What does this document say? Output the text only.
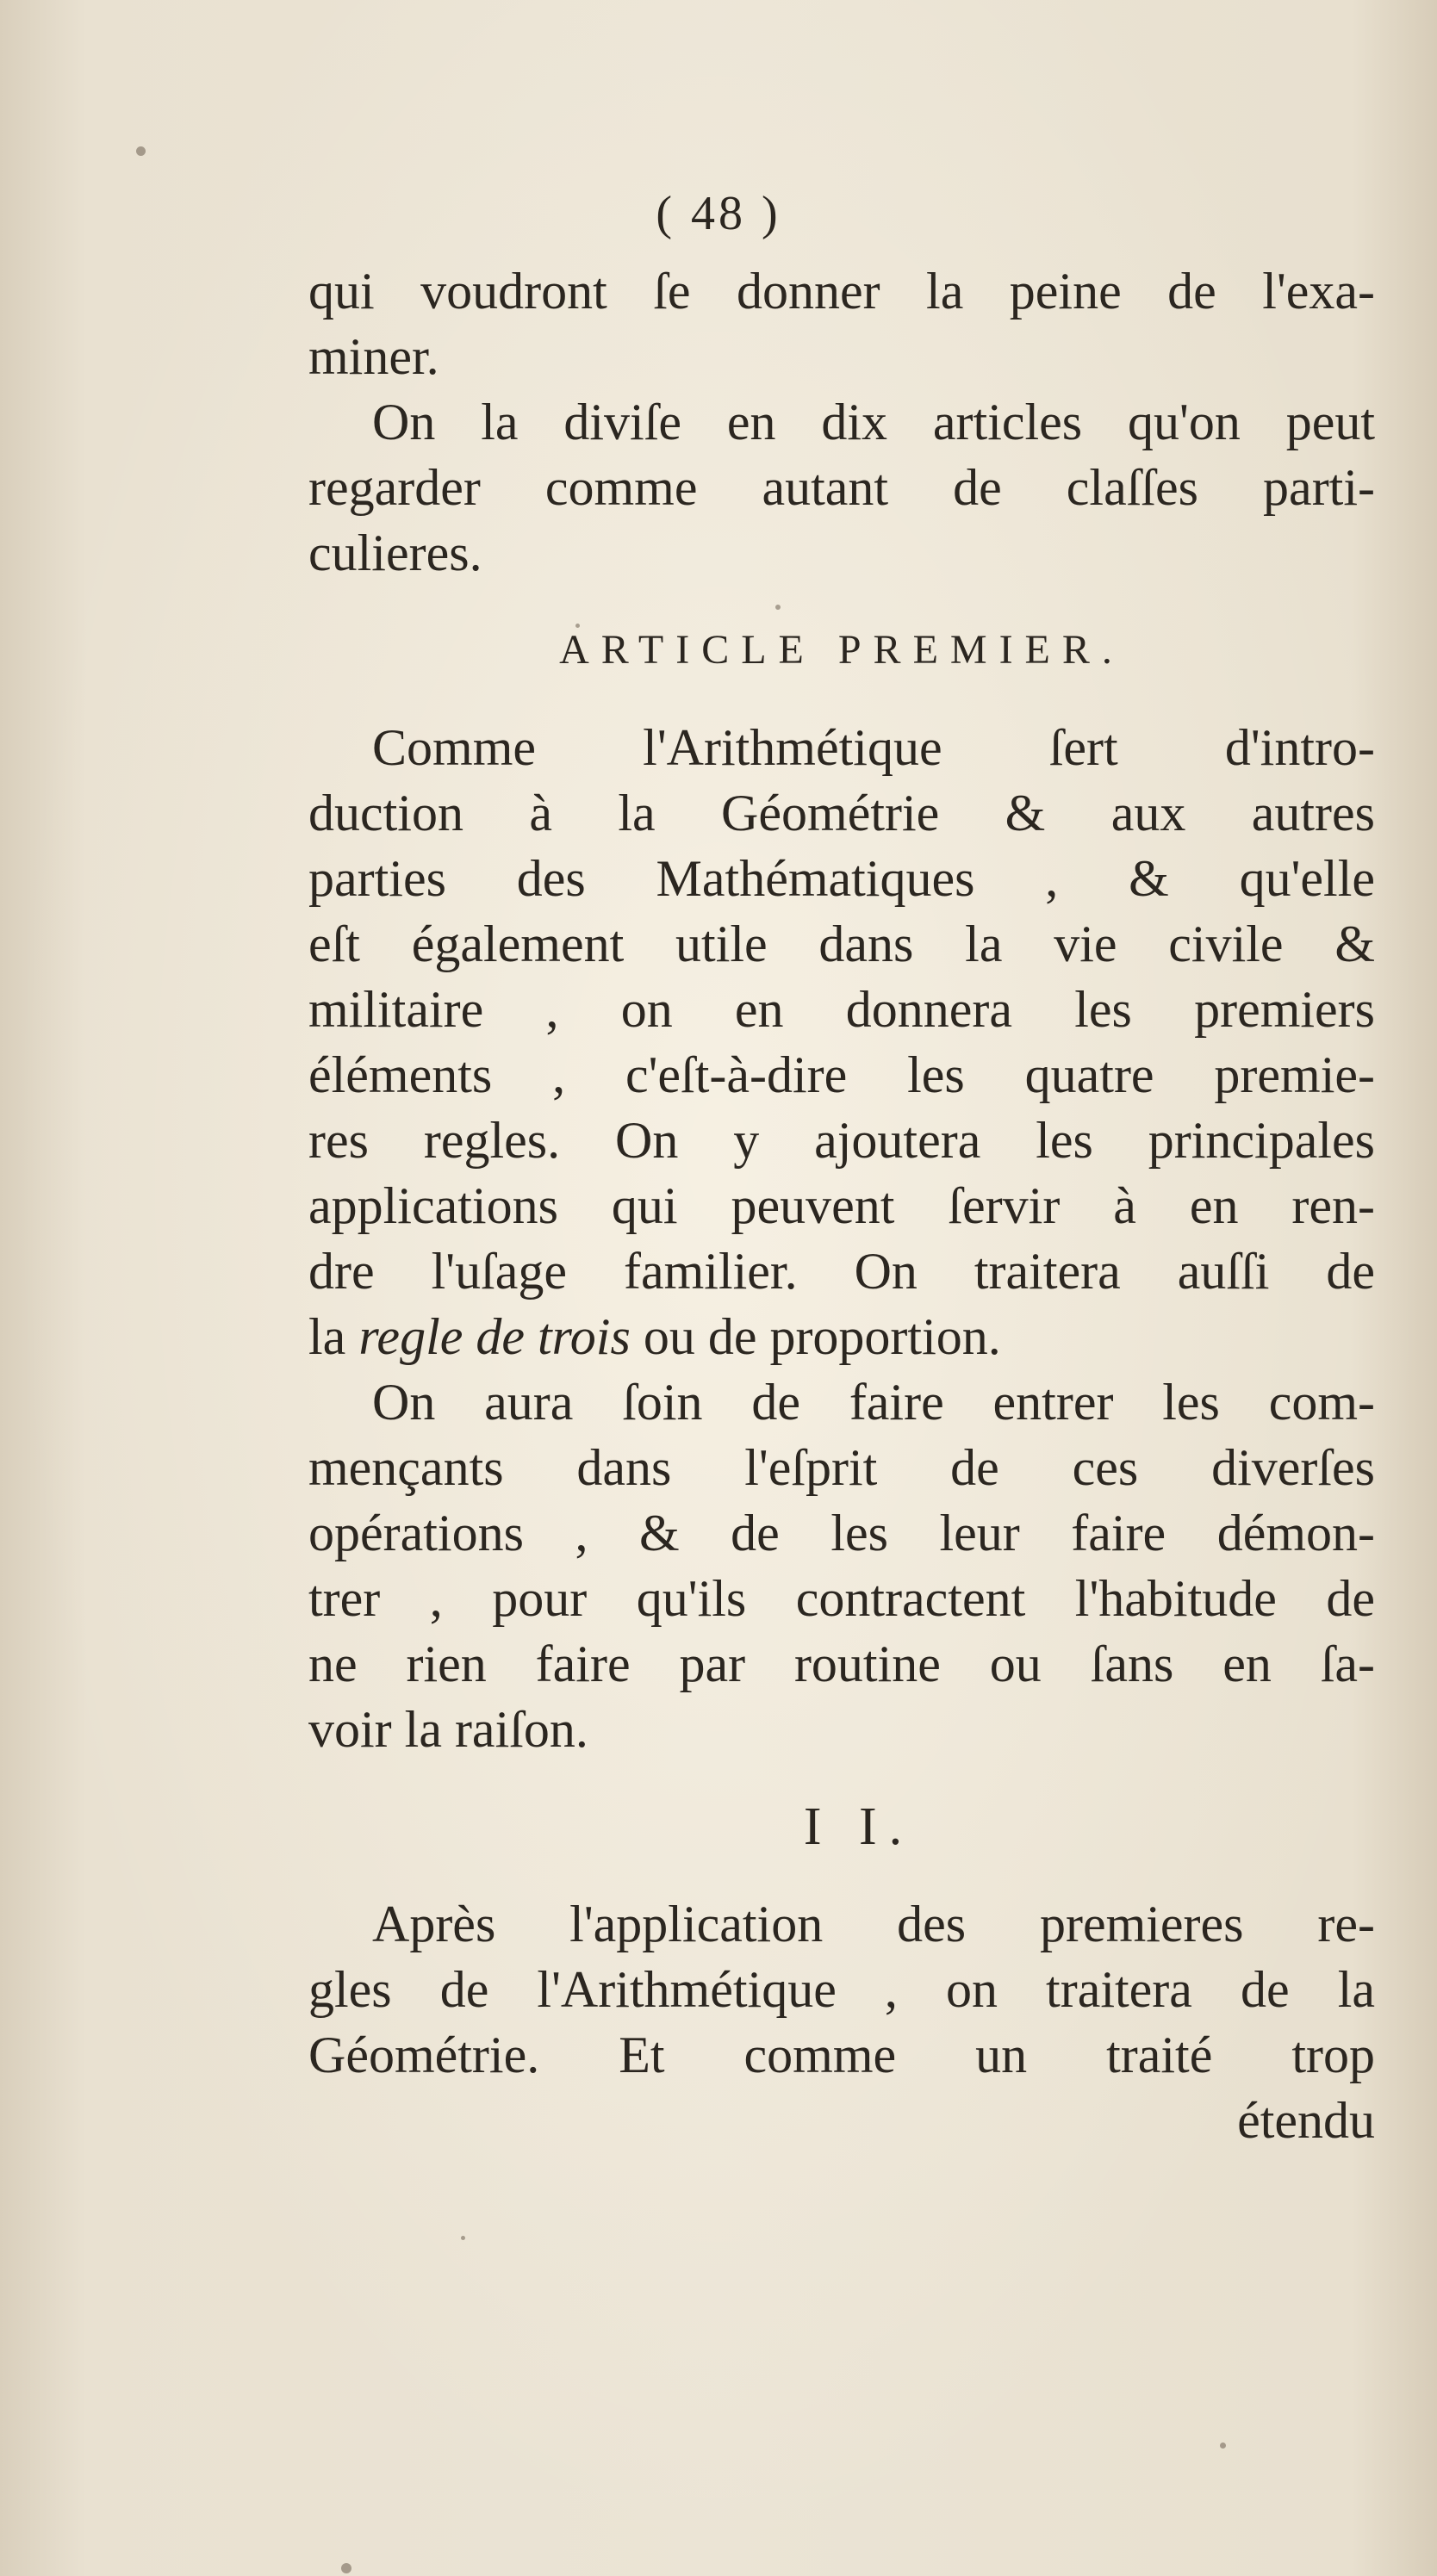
( 48 )
qui voudront ſe donner la peine de l'exa-
miner.
On la diviſe en dix articles qu'on peut
regarder comme autant de claſſes parti-
culieres.
ARTICLE PREMIER.
Comme l'Arithmétique ſert d'intro-
duction à la Géométrie & aux autres
parties des Mathématiques , & qu'elle
eſt également utile dans la vie civile &
militaire , on en donnera les premiers
éléments , c'eſt-à-dire les quatre premie-
res regles. On y ajoutera les principales
applications qui peuvent ſervir à en ren-
dre l'uſage familier. On traitera auſſi de
la regle de trois ou de proportion.
On aura ſoin de faire entrer les com-
mençants dans l'eſprit de ces diverſes
opérations , & de les leur faire démon-
trer , pour qu'ils contractent l'habitude de
ne rien faire par routine ou ſans en ſa-
voir la raiſon.
I I.
Après l'application des premieres re-
gles de l'Arithmétique , on traitera de la
Géométrie. Et comme un traité trop
étendu
